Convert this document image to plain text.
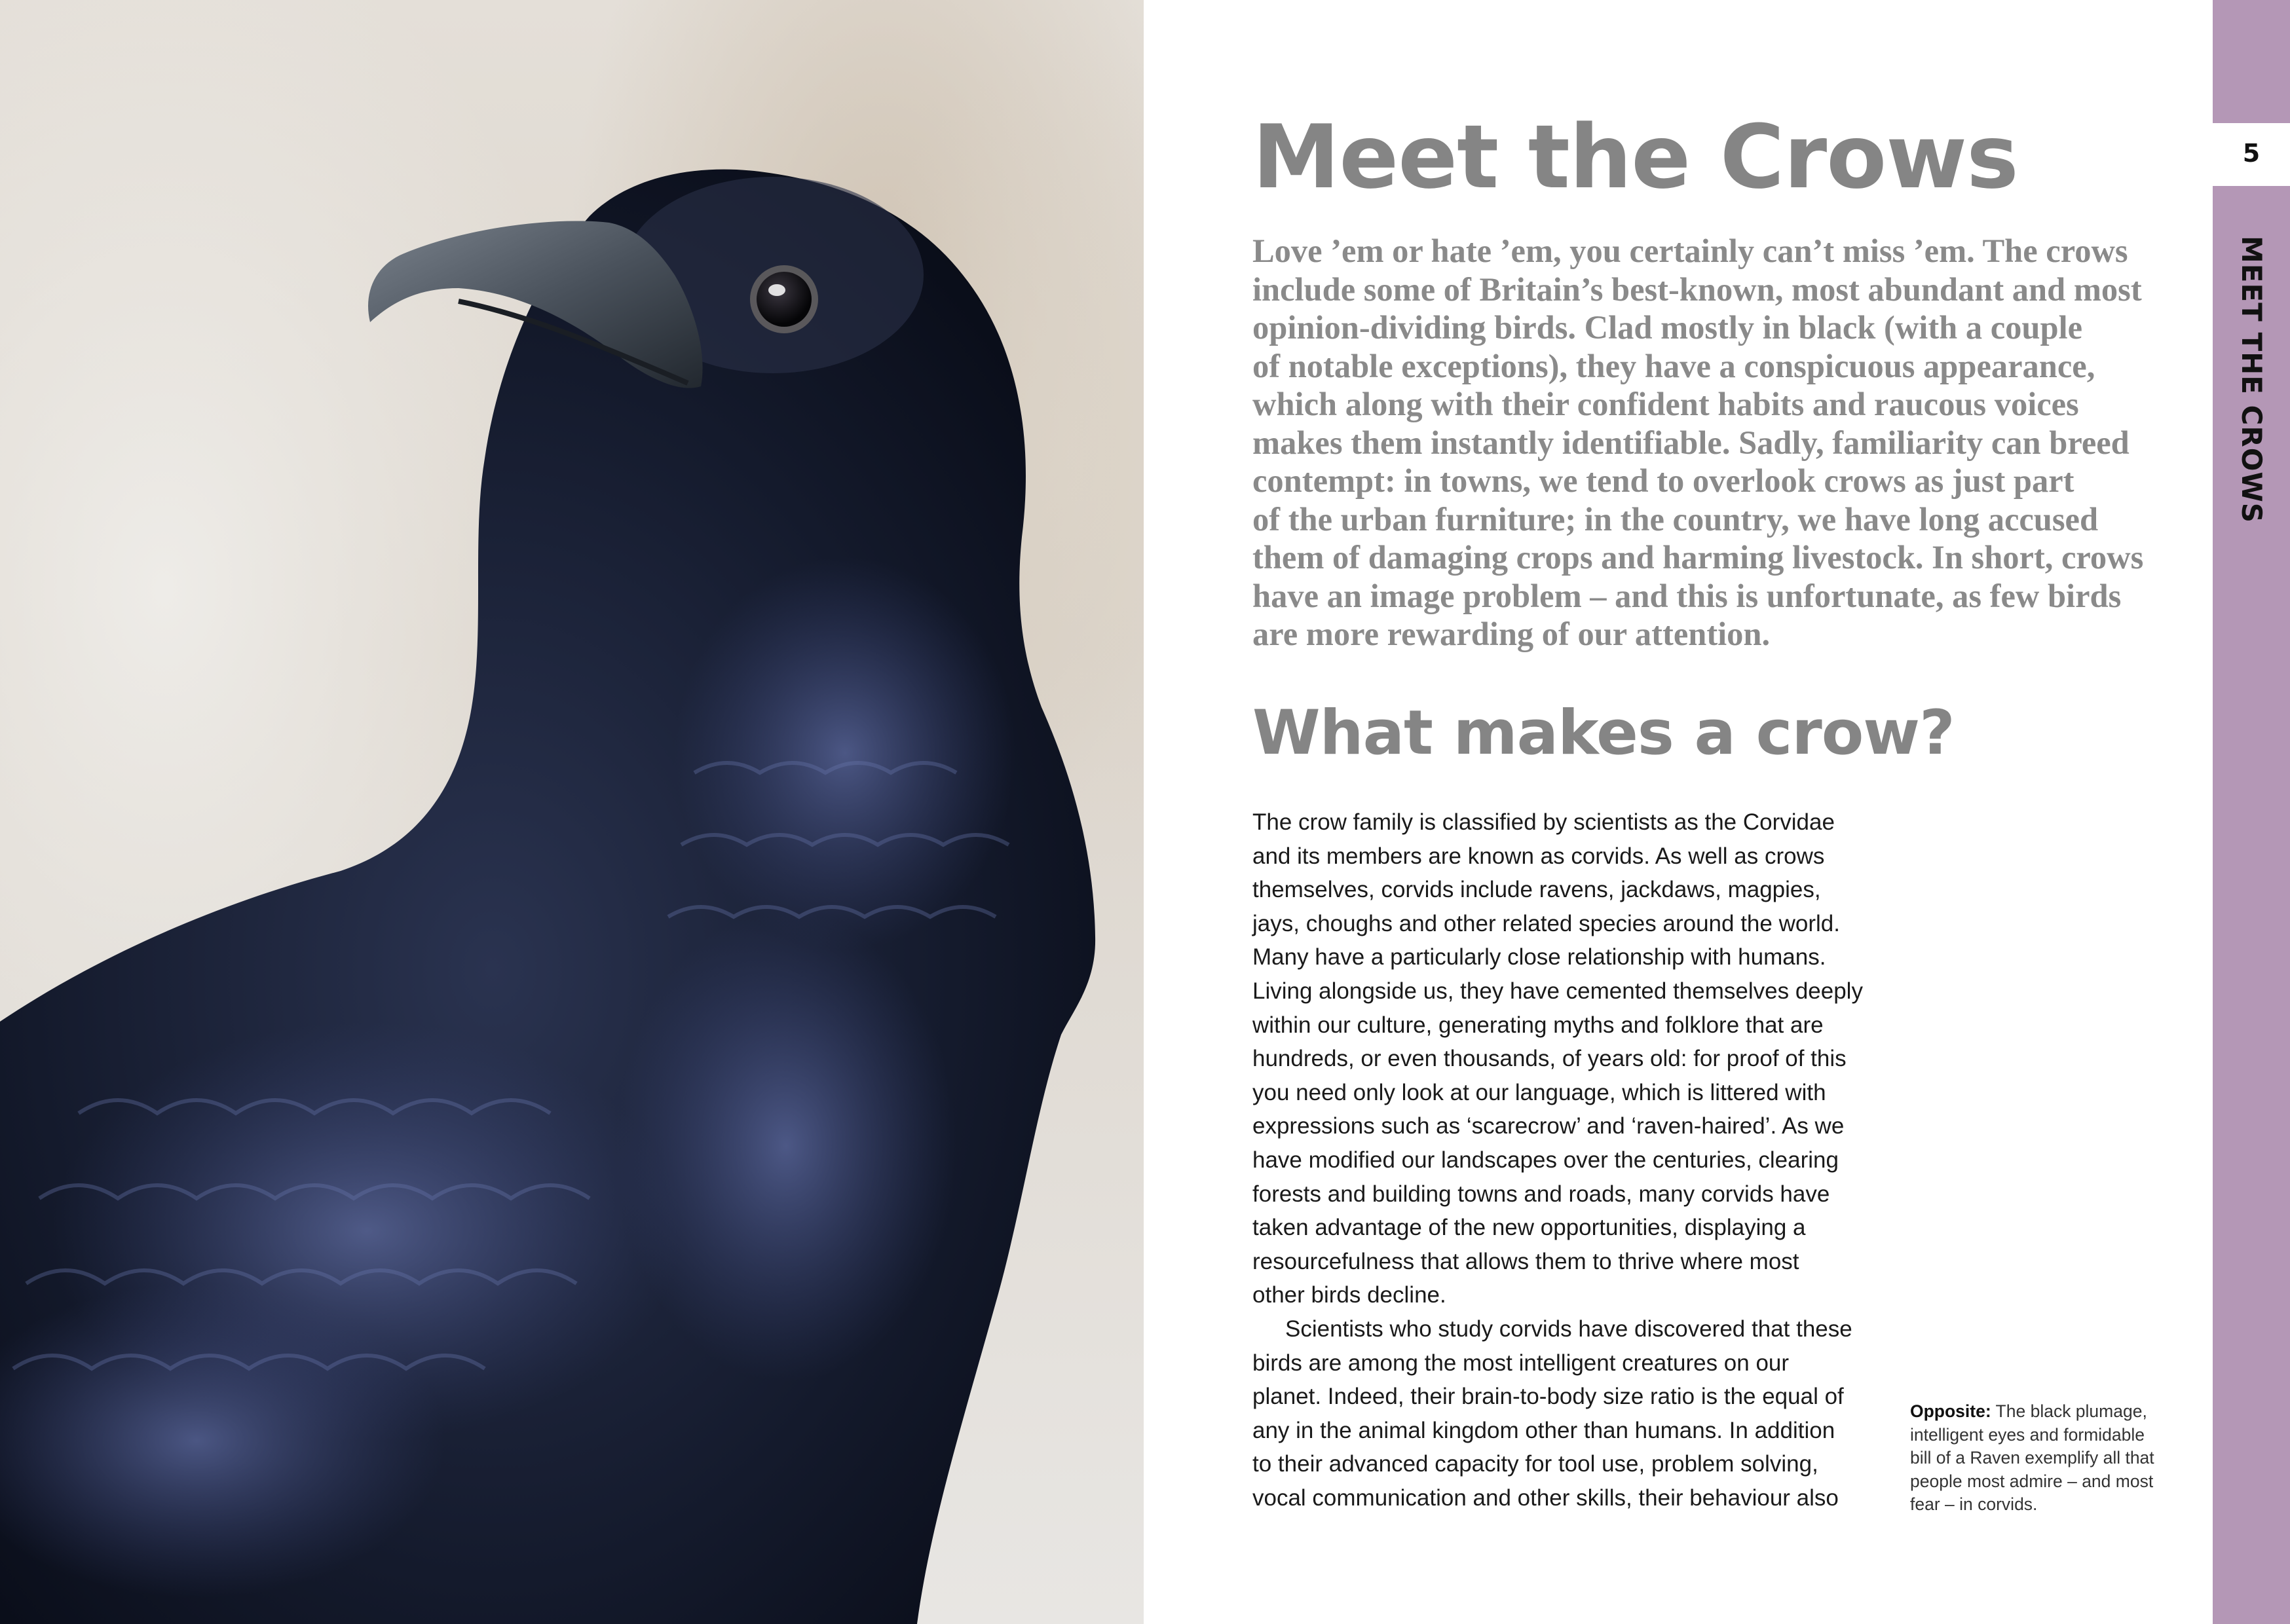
Meet the Crows

Love ’em or hate ’em, you certainly can’t miss ’em. The crows
include some of Britain’s best-known, most abundant and most
opinion-dividing birds. Clad mostly in black (with a couple
of notable exceptions), they have a conspicuous appearance,
which along with their confident habits and raucous voices
makes them instantly identifiable. Sadly, familiarity can breed
contempt: in towns, we tend to overlook crows as just part
of the urban furniture; in the country, we have long accused
them of damaging crops and harming livestock. In short, crows
have an image problem – and this is unfortunate, as few birds
are more rewarding of our attention.

What makes a crow?
The crow family is classified by scientists as the Corvidae
and its members are known as corvids. As well as crows
themselves, corvids include ravens, jackdaws, magpies,
jays, choughs and other related species around the world.
Many have a particularly close relationship with humans.
Living alongside us, they have cemented themselves deeply
within our culture, generating myths and folklore that are
hundreds, or even thousands, of years old: for proof of this
you need only look at our language, which is littered with
expressions such as ‘scarecrow’ and ‘raven-haired’. As we
have modified our landscapes over the centuries, clearing
forests and building towns and roads, many corvids have
taken advantage of the new opportunities, displaying a
resourcefulness that allows them to thrive where most
other birds decline.
Scientists who study corvids have discovered that these
birds are among the most intelligent creatures on our
planet. Indeed, their brain-to-body size ratio is the equal of
any in the animal kingdom other than humans. In addition
to their advanced capacity for tool use, problem solving,
vocal communication and other skills, their behaviour also

Opposite: The black plumage,
intelligent eyes and formidable
bill of a Raven exemplify all that
people most admire – and most
fear – in corvids.

5
MEET THE CROWS
